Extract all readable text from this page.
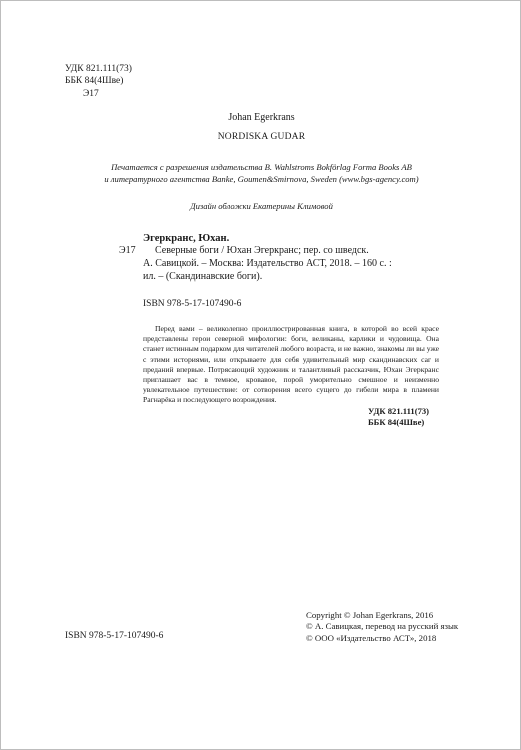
УДК 821.111(73)
ББК 84(4Шве)
Э17
Johan Egerkrans
NORDISKA GUDAR
Печатается с разрешения издательства B. Wahlstroms Bokförlag Forma Books AB
и литературного агентства Banke, Goumen&Smirnova, Sweden (www.bgs-agency.com)
Дизайн обложки Екатерины Климовой
Эгеркранс, Юхан.
Э17	Северные боги / Юхан Эгеркранс; пер. со шведск.

А. Савицкой. – Москва: Издательство АСТ, 2018. – 160 с. :

ил. – (Скандинавские боги).

ISBN 978-5-17-107490-6
Перед вами – великолепно проиллюстрированная книга, в которой во всей красе представлены герои северной мифологии: боги, великаны, карлики и чудовища. Она станет истинным подарком для читателей любого возраста, и не важно, знакомы ли вы уже с этими историями, или открываете для себя удивительный мир скандинавских саг и преданий впервые. Потрясающий художник и талантливый рассказчик, Юхан Эгеркранс приглашает вас в темное, кровавое, порой уморительно смешное и неизменно увлекательное путешествие: от сотворения всего сущего до гибели мира в пламени Рагнарёка и последующего возрождения.
УДК 821.111(73)
ББК 84(4Шве)
ISBN 978-5-17-107490-6
Copyright © Johan Egerkrans, 2016
© А. Савицкая, перевод на русский язык
© ООО «Издательство АСТ», 2018
